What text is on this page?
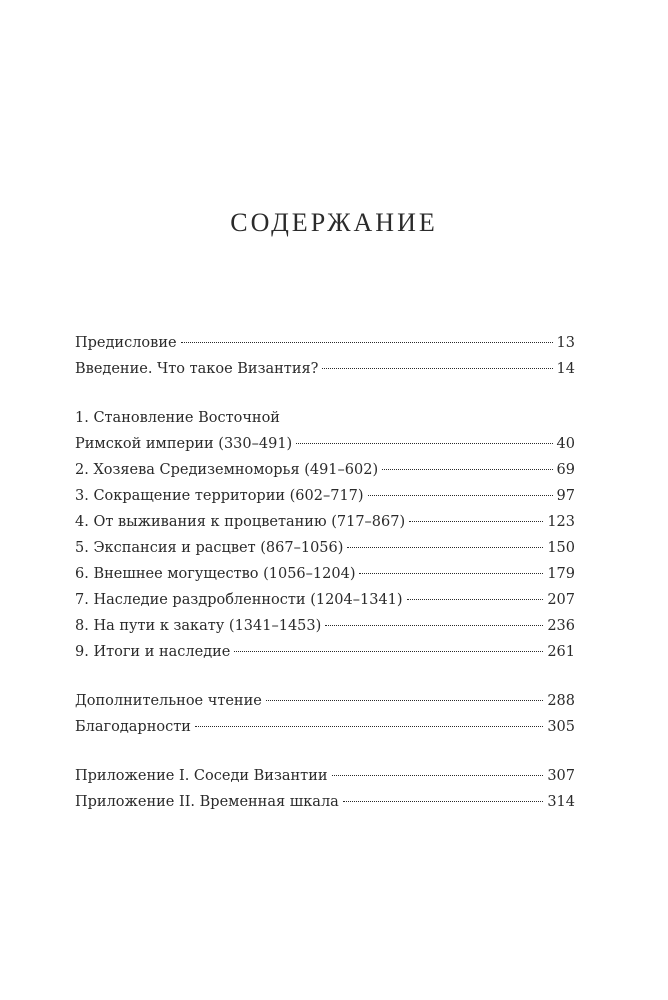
СОДЕРЖАНИЕ
Предисловие	13
Введение. Что такое Византия?	14
1. Становление Восточной
Римской империи (330–491)	40
2. Хозяева Средиземноморья (491–602)	69
3. Сокращение территории (602–717)	97
4. От выживания к процветанию (717–867)	123
5. Экспансия и расцвет (867–1056)	150
6. Внешнее могущество (1056–1204)	179
7. Наследие раздробленности (1204–1341)	207
8. На пути к закату (1341–1453)	236
9. Итоги и наследие	261
Дополнительное чтение	288
Благодарности	305
Приложение I. Соседи Византии	307
Приложение II. Временная шкала	314
